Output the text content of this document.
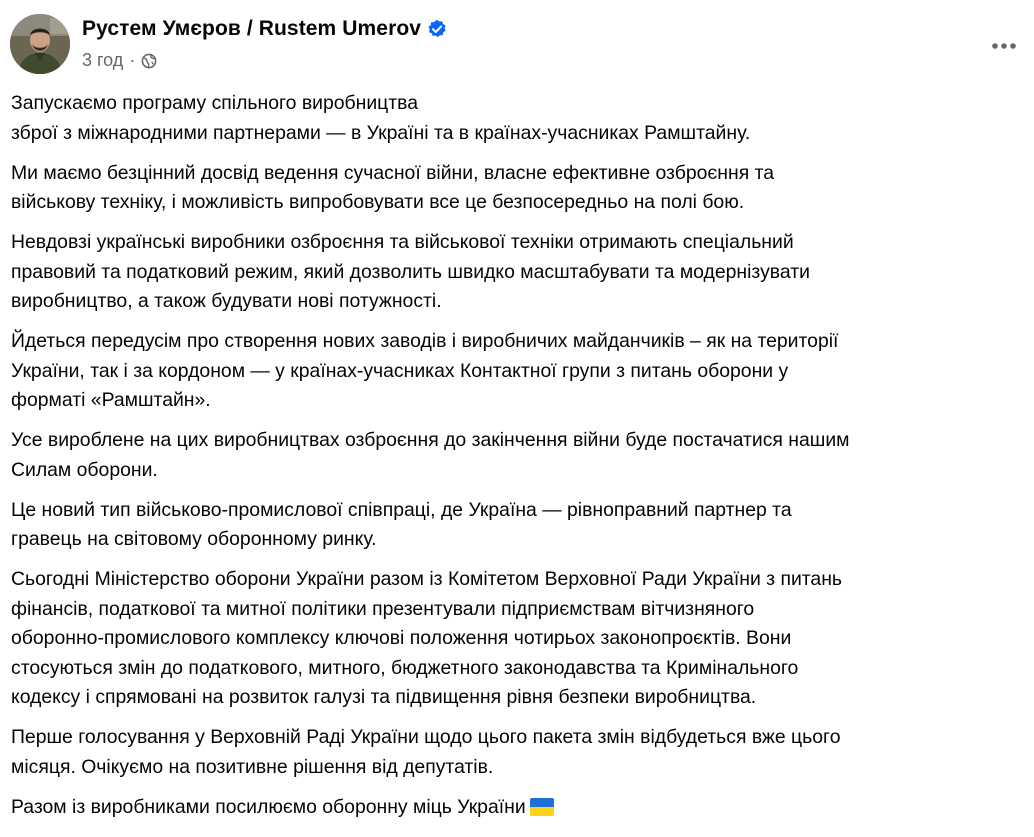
Рустем Умєров / Rustem Umerov
3 год ·

Запускаємо програму спільного виробництва
зброї з міжнародними партнерами — в Україні та в країнах-учасниках Рамштайну.

Ми маємо безцінний досвід ведення сучасної війни, власне ефективне озброєння та
військову техніку, і можливість випробовувати все це безпосередньо на полі бою.

Невдовзі українські виробники озброєння та військової техніки отримають спеціальний
правовий та податковий режим, який дозволить швидко масштабувати та модернізувати
виробництво, а також будувати нові потужності.

Йдеться передусім про створення нових заводів і виробничих майданчиків – як на території
України, так і за кордоном — у країнах-учасниках Контактної групи з питань оборони у
форматі «Рамштайн».

Усе вироблене на цих виробництвах озброєння до закінчення війни буде постачатися нашим
Силам оборони.

Це новий тип військово-промислової співпраці, де Україна — рівноправний партнер та
гравець на світовому оборонному ринку.

Сьогодні Міністерство оборони України разом із Комітетом Верховної Ради України з питань
фінансів, податкової та митної політики презентували підприємствам вітчизняного
оборонно-промислового комплексу ключові положення чотирьох законопроєктів. Вони
стосуються змін до податкового, митного, бюджетного законодавства та Кримінального
кодексу і спрямовані на розвиток галузі та підвищення рівня безпеки виробництва.

Перше голосування у Верховній Раді України щодо цього пакета змін відбудеться вже цього
місяця. Очікуємо на позитивне рішення від депутатів.

Разом із виробниками посилюємо оборонну міць України
